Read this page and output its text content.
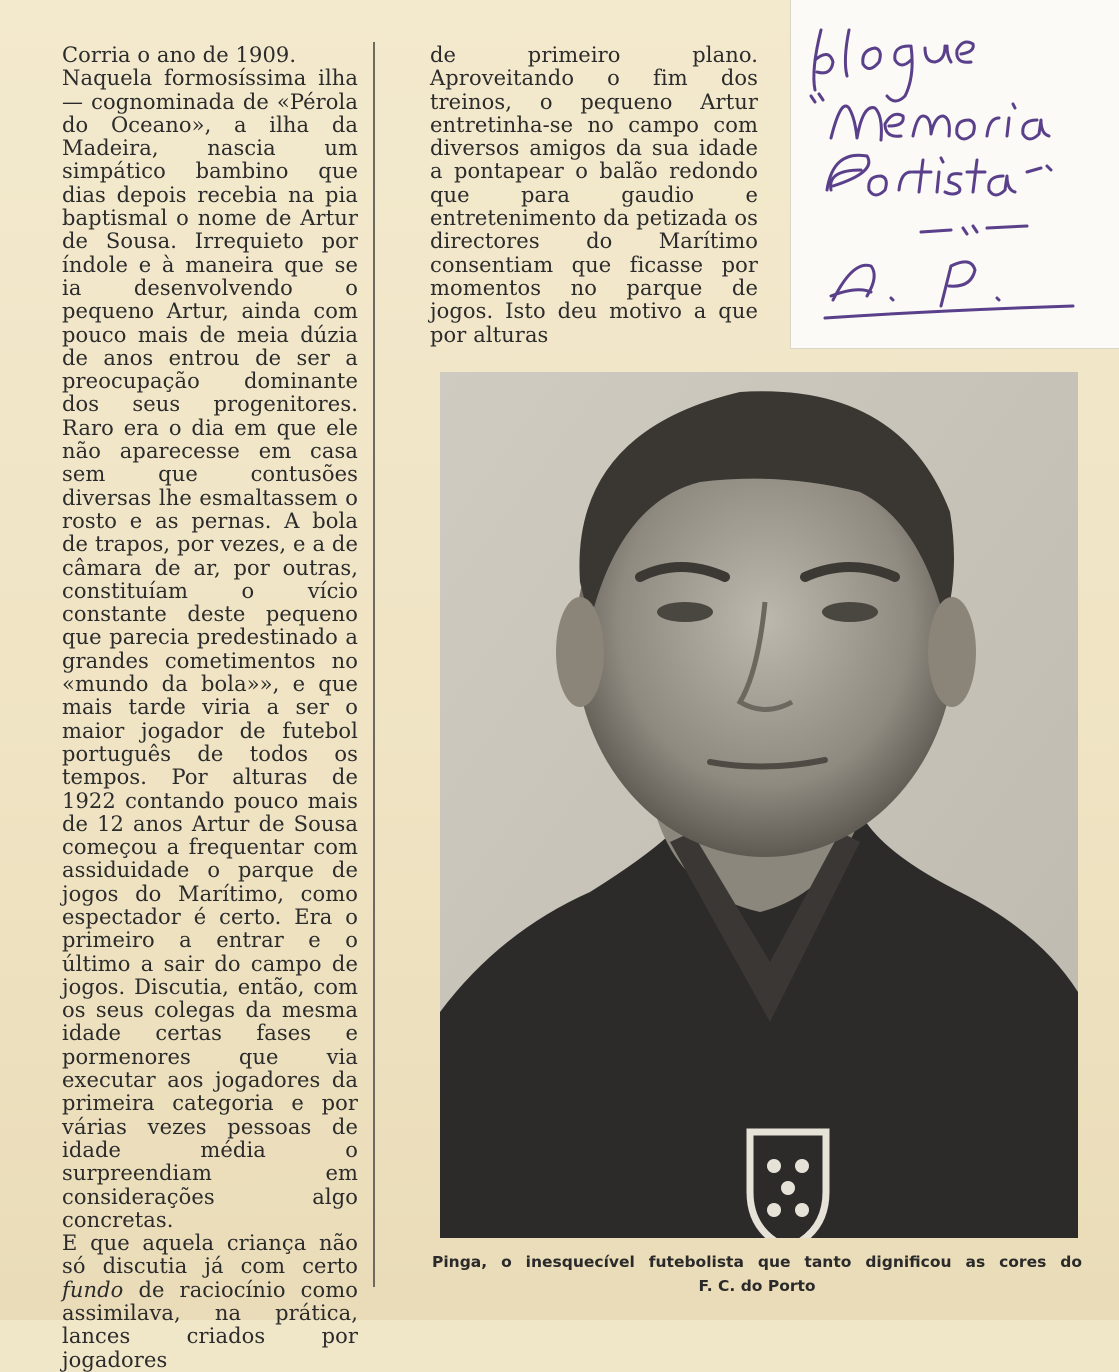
Corria o ano de 1909.

Naquela formosíssima ilha — cognominada de «Pérola do Oceano», a ilha da Madeira, nascia um simpático bambino que dias depois recebia na pia baptismal o nome de Artur de Sousa. Irrequieto por índole e à maneira que se ia desenvolvendo o pequeno Artur, ainda com pouco mais de meia dúzia de anos entrou de ser a preocupação dominante dos seus progenitores. Raro era o dia em que ele não aparecesse em casa sem que contusões diversas lhe esmaltassem o rosto e as pernas. A bola de trapos, por vezes, e a de câmara de ar, por outras, constituíam o vício constante deste pequeno que parecia predestinado a grandes cometimentos no «mundo da bola»», e que mais tarde viria a ser o maior jogador de futebol português de todos os tempos. Por alturas de 1922 contando pouco mais de 12 anos Artur de Sousa começou a frequentar com assiduidade o parque de jogos do Marítimo, como espectador é certo. Era o primeiro a entrar e o último a sair do campo de jogos. Discutia, então, com os seus colegas da mesma idade certas fases e pormenores que via executar aos jogadores da primeira categoria e por várias vezes pessoas de idade média o surpreendiam em considerações algo concretas.

E que aquela criança não só discutia já com certo fundo de raciocínio como assimilava, na prática, lances criados por jogadores

de primeiro plano. Aproveitando o fim dos treinos, o pequeno Artur entretinha-se no campo com diversos amigos da sua idade a pontapear o balão redondo que para gaudio e entretenimento da petizada os directores do Marítimo consentiam que ficasse por momentos no parque de jogos. Isto deu motivo a que por alturas

Pinga, o inesquecível futebolista que tanto dignificou as cores do
F. C. do Porto
